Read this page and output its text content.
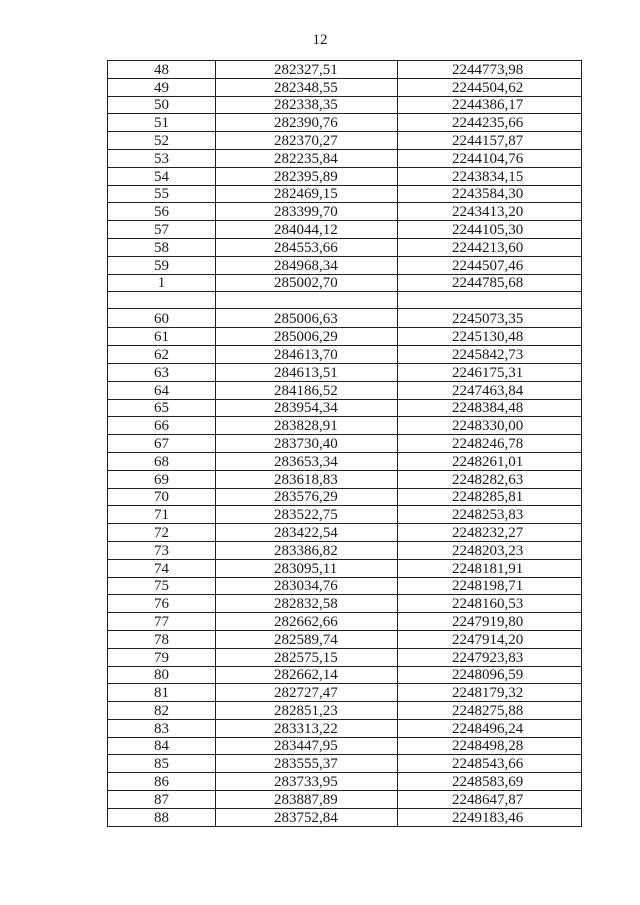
12
48	282327,51	2244773,98
49	282348,55	2244504,62
50	282338,35	2244386,17
51	282390,76	2244235,66
52	282370,27	2244157,87
53	282235,84	2244104,76
54	282395,89	2243834,15
55	282469,15	2243584,30
56	283399,70	2243413,20
57	284044,12	2244105,30
58	284553,66	2244213,60
59	284968,34	2244507,46
1	285002,70	2244785,68

60	285006,63	2245073,35
61	285006,29	2245130,48
62	284613,70	2245842,73
63	284613,51	2246175,31
64	284186,52	2247463,84
65	283954,34	2248384,48
66	283828,91	2248330,00
67	283730,40	2248246,78
68	283653,34	2248261,01
69	283618,83	2248282,63
70	283576,29	2248285,81
71	283522,75	2248253,83
72	283422,54	2248232,27
73	283386,82	2248203,23
74	283095,11	2248181,91
75	283034,76	2248198,71
76	282832,58	2248160,53
77	282662,66	2247919,80
78	282589,74	2247914,20
79	282575,15	2247923,83
80	282662,14	2248096,59
81	282727,47	2248179,32
82	282851,23	2248275,88
83	283313,22	2248496,24
84	283447,95	2248498,28
85	283555,37	2248543,66
86	283733,95	2248583,69
87	283887,89	2248647,87
88	283752,84	2249183,46
